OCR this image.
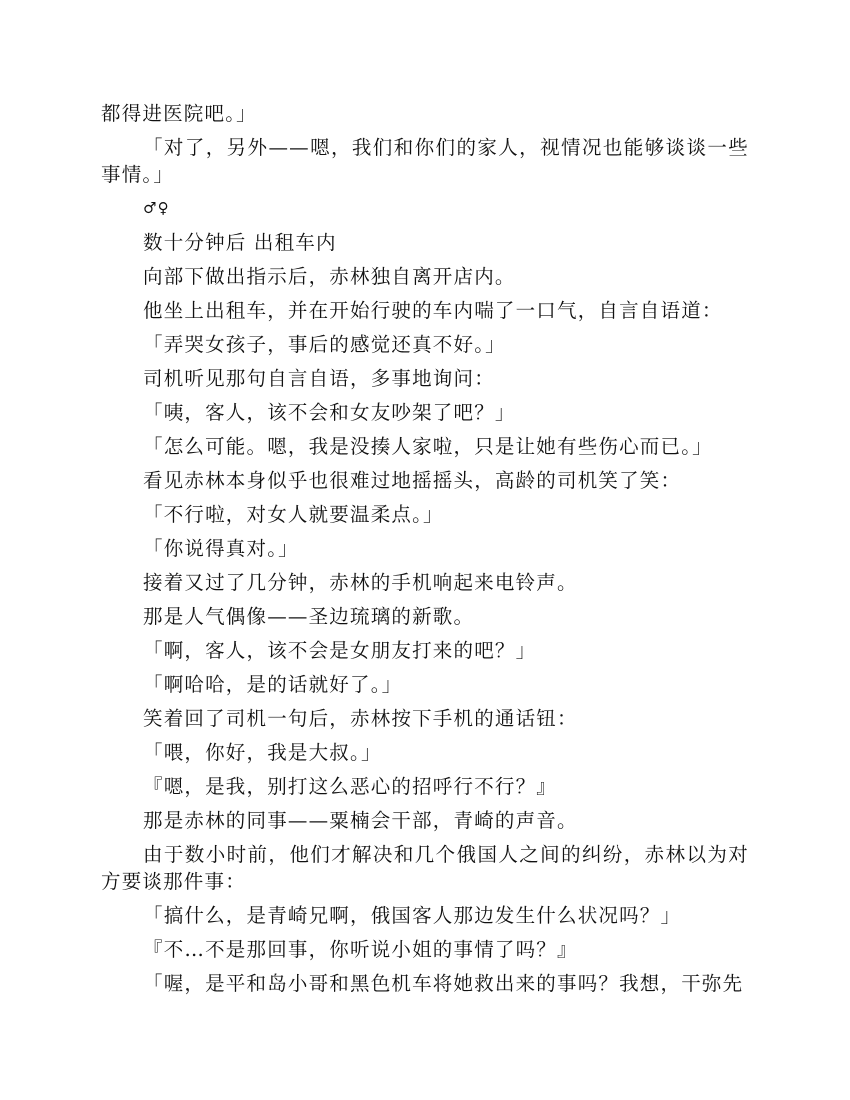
都得进医院吧。」

「对了，另外——嗯，我们和你们的家人，视情况也能够谈谈一些事情。」

♂♀

数十分钟后 出租车内

向部下做出指示后，赤林独自离开店内。

他坐上出租车，并在开始行驶的车内喘了一口气，自言自语道：

「弄哭女孩子，事后的感觉还真不好。」

司机听见那句自言自语，多事地询问：

「咦，客人，该不会和女友吵架了吧？」

「怎么可能。嗯，我是没揍人家啦，只是让她有些伤心而已。」

看见赤林本身似乎也很难过地摇摇头，高龄的司机笑了笑：

「不行啦，对女人就要温柔点。」

「你说得真对。」

接着又过了几分钟，赤林的手机响起来电铃声。

那是人气偶像——圣边琉璃的新歌。

「啊，客人，该不会是女朋友打来的吧？」

「啊哈哈，是的话就好了。」

笑着回了司机一句后，赤林按下手机的通话钮：

「喂，你好，我是大叔。」

『嗯，是我，别打这么恶心的招呼行不行？』

那是赤林的同事——粟楠会干部，青崎的声音。

由于数小时前，他们才解决和几个俄国人之间的纠纷，赤林以为对方要谈那件事：

「搞什么，是青崎兄啊，俄国客人那边发生什么状况吗？」

『不…不是那回事，你听说小姐的事情了吗？』

「喔，是平和岛小哥和黑色机车将她救出来的事吗？我想，干弥先
